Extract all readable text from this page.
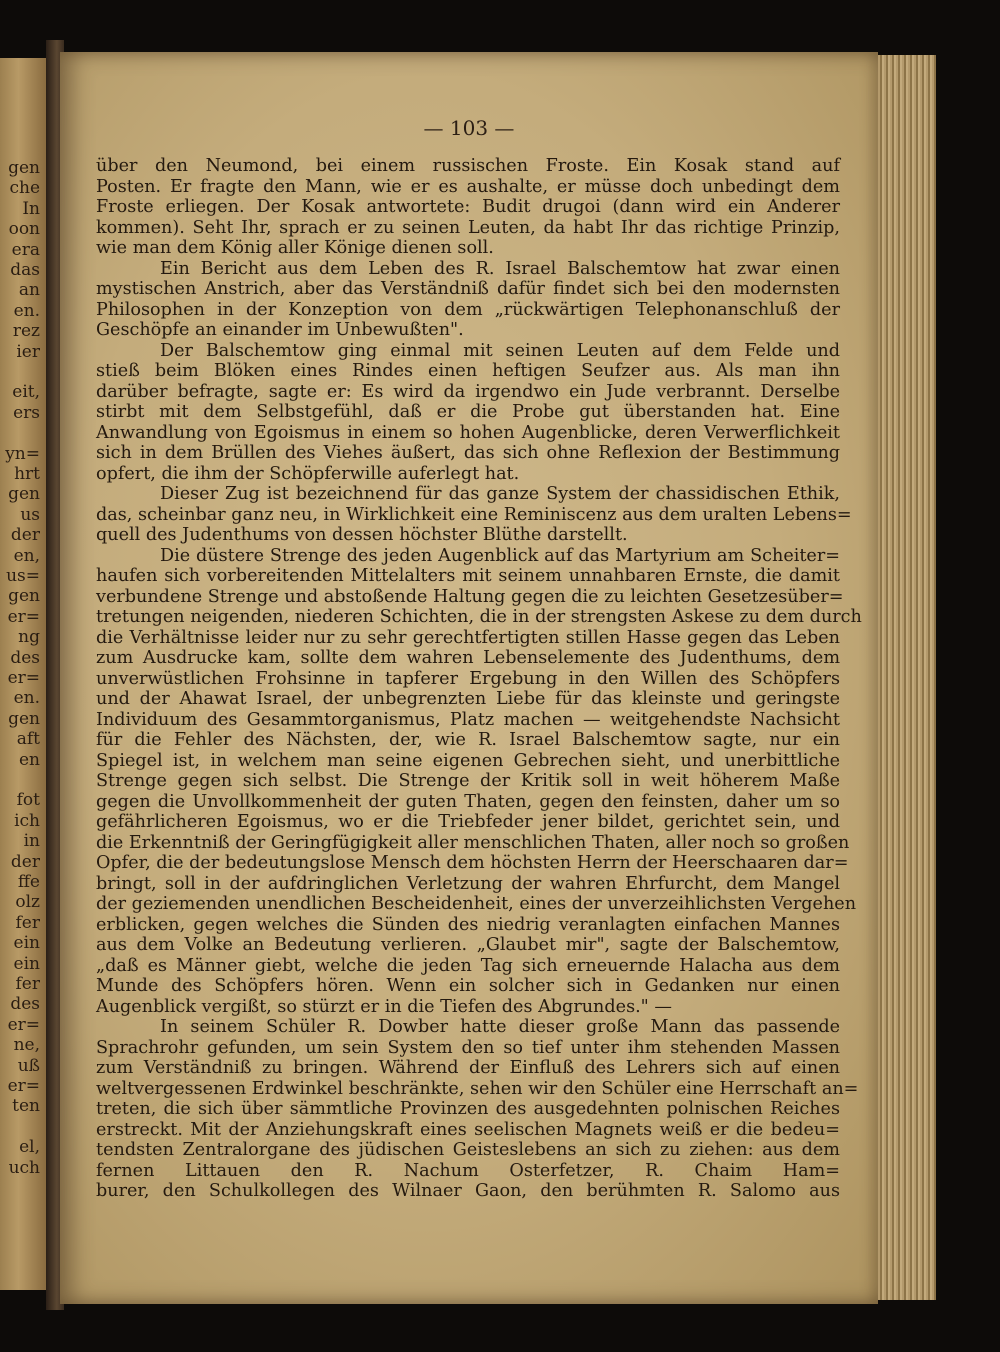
gen
che
In
oon
era
das
an
en.
rez
ier
eit,
ers
yn=
hrt
gen
us
der
en,
us=
gen
er=
ng
des
er=
en.
gen
aft
en
fot
ich
in
der
ffe
olz
fer
ein
ein
fer
des
er=
ne,
uß
er=
ten
el,
uch
— 103 —
über den Neumond, bei einem russischen Froste. Ein Kosak stand auf
Posten. Er fragte den Mann, wie er es aushalte, er müsse doch unbedingt dem
Froste erliegen. Der Kosak antwortete: Budit drugoi (dann wird ein Anderer
kommen). Seht Ihr, sprach er zu seinen Leuten, da habt Ihr das richtige Prinzip,
wie man dem König aller Könige dienen soll.
Ein Bericht aus dem Leben des R. Israel Balschemtow hat zwar einen
mystischen Anstrich, aber das Verständniß dafür findet sich bei den modernsten
Philosophen in der Konzeption von dem „rückwärtigen Telephonanschluß der
Geschöpfe an einander im Unbewußten".
Der Balschemtow ging einmal mit seinen Leuten auf dem Felde und
stieß beim Blöken eines Rindes einen heftigen Seufzer aus. Als man ihn
darüber befragte, sagte er: Es wird da irgendwo ein Jude verbrannt. Derselbe
stirbt mit dem Selbstgefühl, daß er die Probe gut überstanden hat. Eine
Anwandlung von Egoismus in einem so hohen Augenblicke, deren Verwerflichkeit
sich in dem Brüllen des Viehes äußert, das sich ohne Reflexion der Bestimmung
opfert, die ihm der Schöpferwille auferlegt hat.
Dieser Zug ist bezeichnend für das ganze System der chassidischen Ethik,
das, scheinbar ganz neu, in Wirklichkeit eine Reminiscenz aus dem uralten Lebens=
quell des Judenthums von dessen höchster Blüthe darstellt.
Die düstere Strenge des jeden Augenblick auf das Martyrium am Scheiter=
haufen sich vorbereitenden Mittelalters mit seinem unnahbaren Ernste, die damit
verbundene Strenge und abstoßende Haltung gegen die zu leichten Gesetzesüber=
tretungen neigenden, niederen Schichten, die in der strengsten Askese zu dem durch
die Verhältnisse leider nur zu sehr gerechtfertigten stillen Hasse gegen das Leben
zum Ausdrucke kam, sollte dem wahren Lebenselemente des Judenthums, dem
unverwüstlichen Frohsinne in tapferer Ergebung in den Willen des Schöpfers
und der Ahawat Israel, der unbegrenzten Liebe für das kleinste und geringste
Individuum des Gesammtorganismus, Platz machen — weitgehendste Nachsicht
für die Fehler des Nächsten, der, wie R. Israel Balschemtow sagte, nur ein
Spiegel ist, in welchem man seine eigenen Gebrechen sieht, und unerbittliche
Strenge gegen sich selbst. Die Strenge der Kritik soll in weit höherem Maße
gegen die Unvollkommenheit der guten Thaten, gegen den feinsten, daher um so
gefährlicheren Egoismus, wo er die Triebfeder jener bildet, gerichtet sein, und
die Erkenntniß der Geringfügigkeit aller menschlichen Thaten, aller noch so großen
Opfer, die der bedeutungslose Mensch dem höchsten Herrn der Heerschaaren dar=
bringt, soll in der aufdringlichen Verletzung der wahren Ehrfurcht, dem Mangel
der geziemenden unendlichen Bescheidenheit, eines der unverzeihlichsten Vergehen
erblicken, gegen welches die Sünden des niedrig veranlagten einfachen Mannes
aus dem Volke an Bedeutung verlieren. „Glaubet mir", sagte der Balschemtow,
„daß es Männer giebt, welche die jeden Tag sich erneuernde Halacha aus dem
Munde des Schöpfers hören. Wenn ein solcher sich in Gedanken nur einen
Augenblick vergißt, so stürzt er in die Tiefen des Abgrundes." —
In seinem Schüler R. Dowber hatte dieser große Mann das passende
Sprachrohr gefunden, um sein System den so tief unter ihm stehenden Massen
zum Verständniß zu bringen. Während der Einfluß des Lehrers sich auf einen
weltvergessenen Erdwinkel beschränkte, sehen wir den Schüler eine Herrschaft an=
treten, die sich über sämmtliche Provinzen des ausgedehnten polnischen Reiches
erstreckt. Mit der Anziehungskraft eines seelischen Magnets weiß er die bedeu=
tendsten Zentralorgane des jüdischen Geisteslebens an sich zu ziehen: aus dem
fernen Littauen den R. Nachum Osterfetzer, R. Chaim Ham=
burer, den Schulkollegen des Wilnaer Gaon, den berühmten R. Salomo aus
